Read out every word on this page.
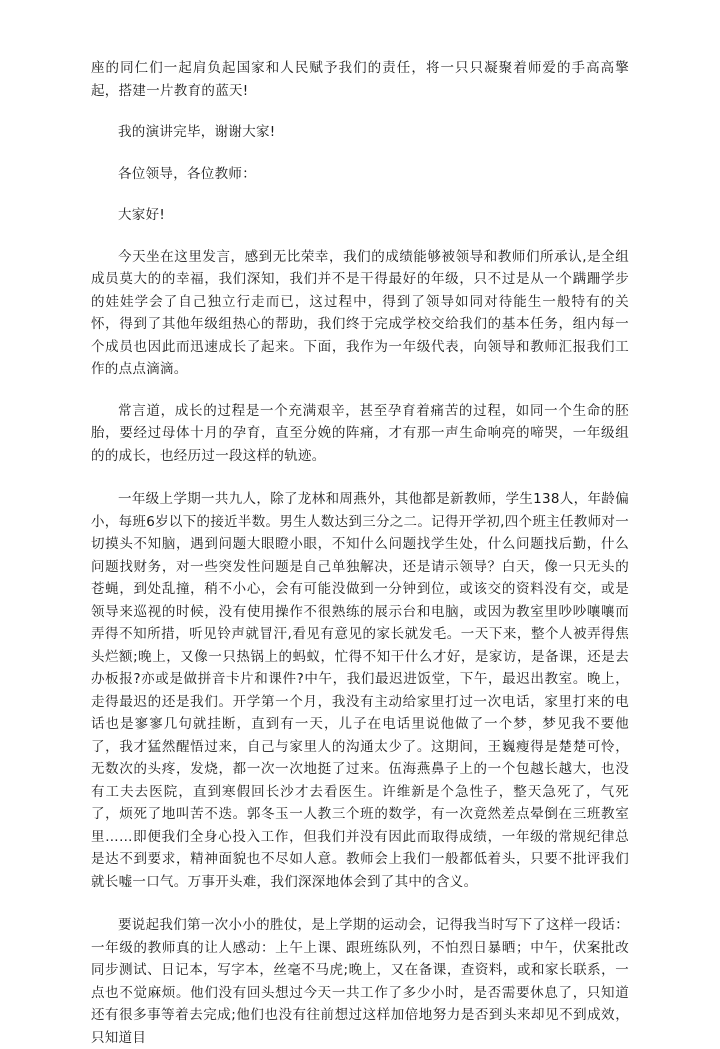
座的同仁们一起肩负起国家和人民赋予我们的责任，将一只只凝聚着师爱的手高高擎起，搭建一片教育的蓝天!

我的演讲完毕，谢谢大家!

各位领导，各位教师：

大家好!

今天坐在这里发言，感到无比荣幸，我们的成绩能够被领导和教师们所承认,是全组成员莫大的的幸福，我们深知，我们并不是干得最好的年级，只不过是从一个蹒跚学步的娃娃学会了自己独立行走而已，这过程中，得到了领导如同对待能生一般特有的关怀，得到了其他年级组热心的帮助，我们终于完成学校交给我们的基本任务，组内每一个成员也因此而迅速成长了起来。下面，我作为一年级代表，向领导和教师汇报我们工作的点点滴滴。

常言道，成长的过程是一个充满艰辛，甚至孕育着痛苦的过程，如同一个生命的胚胎，要经过母体十月的孕育，直至分娩的阵痛，才有那一声生命响亮的啼哭，一年级组的的成长，也经历过一段这样的轨迹。

一年级上学期一共九人，除了龙林和周燕外，其他都是新教师，学生138人，年龄偏小，每班6岁以下的接近半数。男生人数达到三分之二。记得开学初,四个班主任教师对一切摸头不知脑，遇到问题大眼瞪小眼，不知什么问题找学生处，什么问题找后勤，什么问题找财务，对一些突发性问题是自己单独解决，还是请示领导？白天，像一只无头的苍蝇，到处乱撞，稍不小心，会有可能没做到一分钟到位，或该交的资料没有交，或是领导来巡视的时候，没有使用操作不很熟练的展示台和电脑，或因为教室里吵吵嚷嚷而弄得不知所措，听见铃声就冒汗,看见有意见的家长就发毛。一天下来，整个人被弄得焦头烂额;晚上，又像一只热锅上的蚂蚁，忙得不知干什么才好，是家访，是备课，还是去办板报?亦或是做拼音卡片和课件?中午，我们最迟进饭堂，下午，最迟出教室。晚上，走得最迟的还是我们。开学第一个月，我没有主动给家里打过一次电话，家里打来的电话也是寥寥几句就挂断，直到有一天，儿子在电话里说他做了一个梦，梦见我不要他了，我才猛然醒悟过来，自己与家里人的沟通太少了。这期间，王巍瘦得是楚楚可怜，无数次的头疼，发烧，都一次一次地挺了过来。伍海燕鼻子上的一个包越长越大，也没有工夫去医院，直到寒假回长沙才去看医生。许维新是个急性子，整天急死了，气死了，烦死了地叫苦不迭。郭冬玉一人教三个班的数学，有一次竟然差点晕倒在三班教室里……即便我们全身心投入工作，但我们并没有因此而取得成绩，一年级的常规纪律总是达不到要求，精神面貌也不尽如人意。教师会上我们一般都低着头，只要不批评我们就长嘘一口气。万事开头难，我们深深地体会到了其中的含义。

要说起我们第一次小小的胜仗，是上学期的运动会，记得我当时写下了这样一段话：一年级的教师真的让人感动：上午上课、跟班练队列，不怕烈日暴晒；中午，伏案批改同步测试、日记本，写字本，丝毫不马虎;晚上，又在备课，查资料，或和家长联系，一点也不觉麻烦。他们没有回头想过今天一共工作了多少小时，是否需要休息了，只知道还有很多事等着去完成;他们也没有往前想过这样加倍地努力是否到头来却见不到成效，只知道目
